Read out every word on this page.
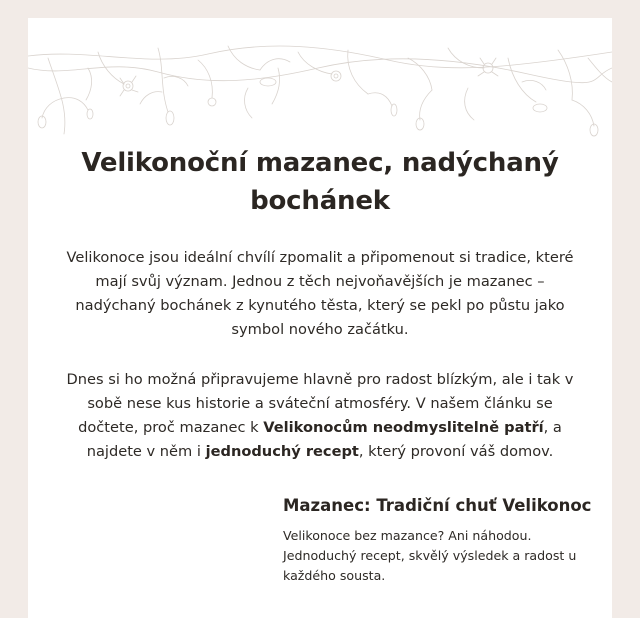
Velikonoční mazanec, nadýchaný
bochánek

Velikonoce jsou ideální chvílí zpomalit a připomenout si tradice, které mají svůj význam. Jednou z těch nejvoňavějších je mazanec – nadýchaný bochánek z kynutého těsta, který se pekl po půstu jako symbol nového začátku.

Dnes si ho možná připravujeme hlavně pro radost blízkým, ale i tak v sobě nese kus historie a sváteční atmosféry. V našem článku se dočtete, proč mazanec k Velikonocům neodmyslitelně patří, a najdete v něm i jednoduchý recept, který provoní váš domov.

Mazanec: Tradiční chuť Velikonoc

Velikonoce bez mazance? Ani náhodou. Jednoduchý recept, skvělý výsledek a radost u každého sousta.
